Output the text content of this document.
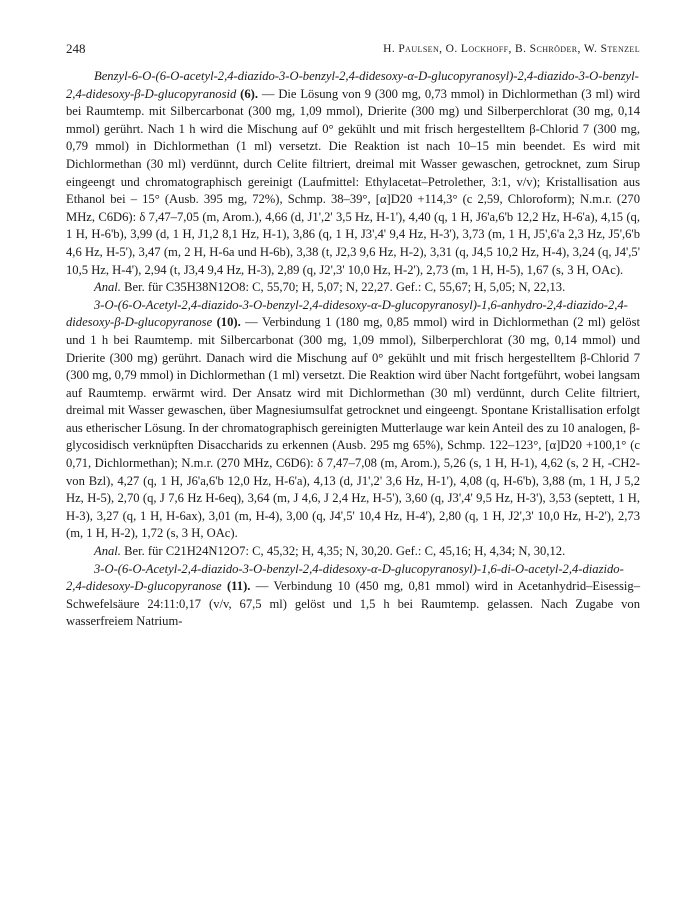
248	H. Paulsen, O. Lockhoff, B. Schröder, W. Stenzel

Benzyl-6-O-(6-O-acetyl-2,4-diazido-3-O-benzyl-2,4-didesoxy-α-D-glucopyranosyl)-2,4-diazido-3-O-benzyl-2,4-didesoxy-β-D-glucopyranosid (6). — Die Lösung von 9 (300 mg, 0,73 mmol) in Dichlormethan (3 ml) wird bei Raumtemp. mit Silbercarbonat (300 mg, 1,09 mmol), Drierite (300 mg) und Silberperchlorat (30 mg, 0,14 mmol) gerührt. Nach 1 h wird die Mischung auf 0° gekühlt und mit frisch hergestelltem β-Chlorid 7 (300 mg, 0,79 mmol) in Dichlormethan (1 ml) versetzt. Die Reaktion ist nach 10–15 min beendet. Es wird mit Dichlormethan (30 ml) verdünnt, durch Celite filtriert, dreimal mit Wasser gewaschen, getrocknet, zum Sirup eingeengt und chromatographisch gereinigt (Laufmittel: Ethylacetat–Petrolether, 3:1, v/v); Kristallisation aus Ethanol bei – 15° (Ausb. 395 mg, 72%), Schmp. 38–39°, [α]D20 +114,3° (c 2,59, Chloroform); N.m.r. (270 MHz, C6D6): δ 7,47–7,05 (m, Arom.), 4,66 (d, J1',2' 3,5 Hz, H-1'), 4,40 (q, 1 H, J6'a,6'b 12,2 Hz, H-6'a), 4,15 (q, 1 H, H-6'b), 3,99 (d, 1 H, J1,2 8,1 Hz, H-1), 3,86 (q, 1 H, J3',4' 9,4 Hz, H-3'), 3,73 (m, 1 H, J5',6'a 2,3 Hz, J5',6'b 4,6 Hz, H-5'), 3,47 (m, 2 H, H-6a und H-6b), 3,38 (t, J2,3 9,6 Hz, H-2), 3,31 (q, J4,5 10,2 Hz, H-4), 3,24 (q, J4',5' 10,5 Hz, H-4'), 2,94 (t, J3,4 9,4 Hz, H-3), 2,89 (q, J2',3' 10,0 Hz, H-2'), 2,73 (m, 1 H, H-5), 1,67 (s, 3 H, OAc).

Anal. Ber. für C35H38N12O8: C, 55,70; H, 5,07; N, 22,27. Gef.: C, 55,67; H, 5,05; N, 22,13.

3-O-(6-O-Acetyl-2,4-diazido-3-O-benzyl-2,4-didesoxy-α-D-glucopyranosyl)-1,6-anhydro-2,4-diazido-2,4-didesoxy-β-D-glucopyranose (10). — Verbindung 1 (180 mg, 0,85 mmol) wird in Dichlormethan (2 ml) gelöst und 1 h bei Raumtemp. mit Silbercarbonat (300 mg, 1,09 mmol), Silberperchlorat (30 mg, 0,14 mmol) und Drierite (300 mg) gerührt. Danach wird die Mischung auf 0° gekühlt und mit frisch hergestelltem β-Chlorid 7 (300 mg, 0,79 mmol) in Dichlormethan (1 ml) versetzt. Die Reaktion wird über Nacht fortgeführt, wobei langsam auf Raumtemp. erwärmt wird. Der Ansatz wird mit Dichlormethan (30 ml) verdünnt, durch Celite filtriert, dreimal mit Wasser gewaschen, über Magnesiumsulfat getrocknet und eingeengt. Spontane Kristallisation erfolgt aus etherischer Lösung. In der chromatographisch gereinigten Mutterlauge war kein Anteil des zu 10 analogen, β-glycosidisch verknüpften Disaccharids zu erkennen (Ausb. 295 mg 65%), Schmp. 122–123°, [α]D20 +100,1° (c 0,71, Dichlormethan); N.m.r. (270 MHz, C6D6): δ 7,47–7,08 (m, Arom.), 5,26 (s, 1 H, H-1), 4,62 (s, 2 H, -CH2- von Bzl), 4,27 (q, 1 H, J6'a,6'b 12,0 Hz, H-6'a), 4,13 (d, J1',2' 3,6 Hz, H-1'), 4,08 (q, H-6'b), 3,88 (m, 1 H, J 5,2 Hz, H-5), 2,70 (q, J 7,6 Hz H-6eq), 3,64 (m, J 4,6, J 2,4 Hz, H-5'), 3,60 (q, J3',4' 9,5 Hz, H-3'), 3,53 (septett, 1 H, H-3), 3,27 (q, 1 H, H-6ax), 3,01 (m, H-4), 3,00 (q, J4',5' 10,4 Hz, H-4'), 2,80 (q, 1 H, J2',3' 10,0 Hz, H-2'), 2,73 (m, 1 H, H-2), 1,72 (s, 3 H, OAc).

Anal. Ber. für C21H24N12O7: C, 45,32; H, 4,35; N, 30,20. Gef.: C, 45,16; H, 4,34; N, 30,12.

3-O-(6-O-Acetyl-2,4-diazido-3-O-benzyl-2,4-didesoxy-α-D-glucopyranosyl)-1,6-di-O-acetyl-2,4-diazido-2,4-didesoxy-D-glucopyranose (11). — Verbindung 10 (450 mg, 0,81 mmol) wird in Acetanhydrid–Eisessig–Schwefelsäure 24:11:0,17 (v/v, 67,5 ml) gelöst und 1,5 h bei Raumtemp. gelassen. Nach Zugabe von wasserfreiem Natrium-
